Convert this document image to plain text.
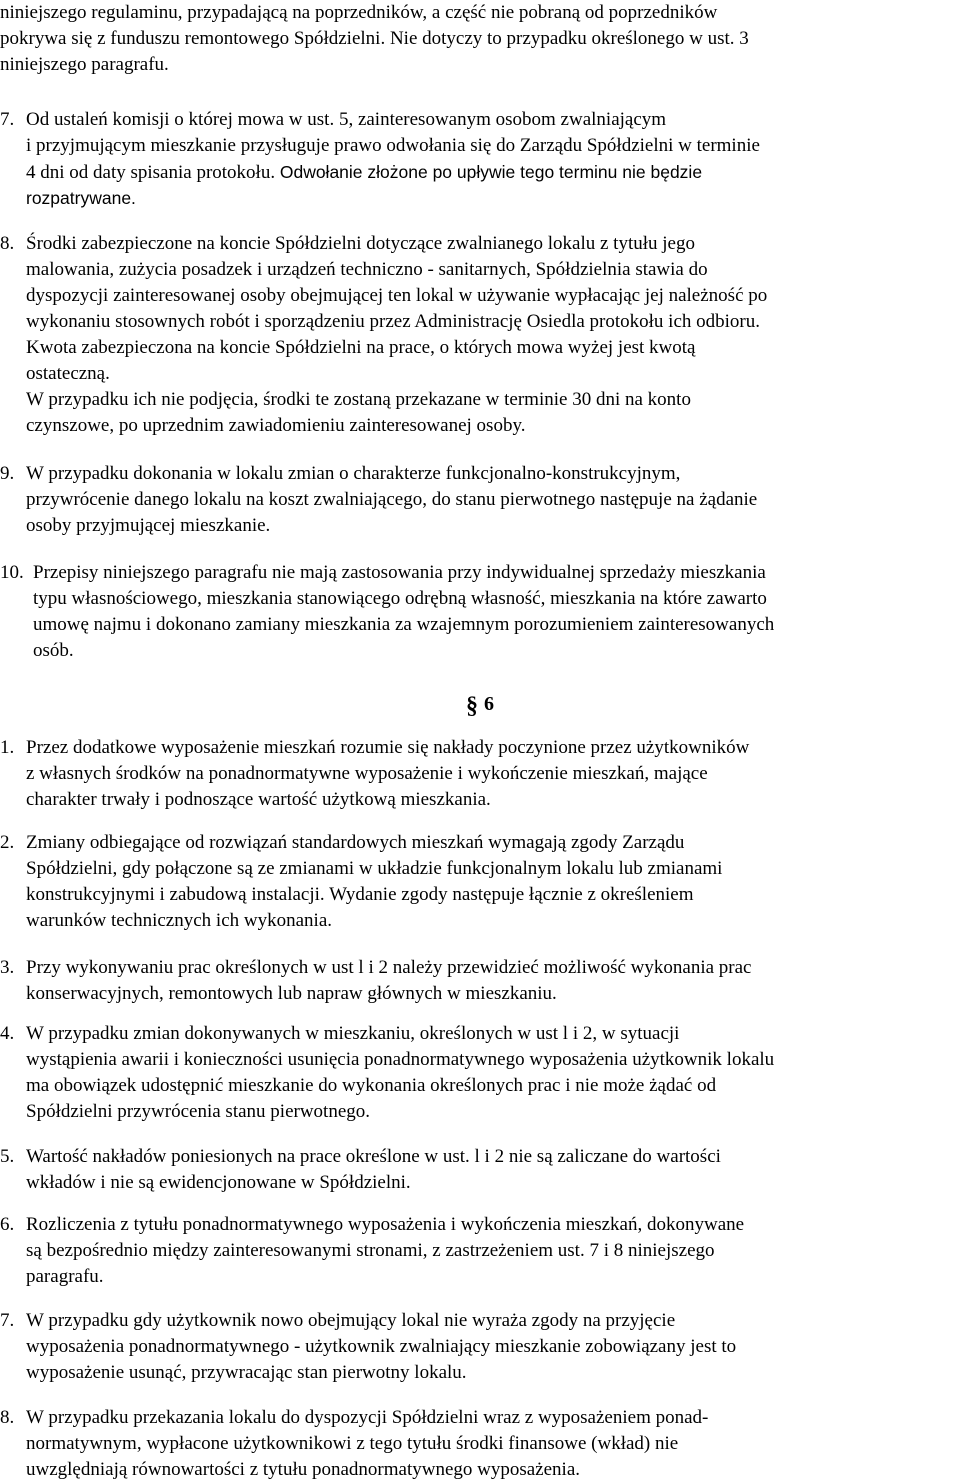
niniejszego regulaminu, przypadającą na poprzedników, a część nie pobraną od poprzedników
pokrywa się z funduszu remontowego Spółdzielni. Nie dotyczy to przypadku określonego w ust. 3
niniejszego paragrafu.
7. Od ustaleń komisji o której mowa w ust. 5, zainteresowanym osobom zwalniającym
i przyjmującym mieszkanie przysługuje prawo odwołania się do Zarządu Spółdzielni w terminie
4 dni od daty spisania protokołu. Odwołanie złożone po upływie tego terminu nie będzie
rozpatrywane.
8. Środki zabezpieczone na koncie Spółdzielni dotyczące zwalnianego lokalu z tytułu jego
malowania, zużycia posadzek i urządzeń techniczno - sanitarnych, Spółdzielnia stawia do
dyspozycji zainteresowanej osoby obejmującej ten lokal w używanie wypłacając jej należność po
wykonaniu stosownych robót i sporządzeniu przez Administrację Osiedla protokołu ich odbioru.
Kwota zabezpieczona na koncie Spółdzielni na prace, o których mowa wyżej jest kwotą
ostateczną.
W przypadku ich nie podjęcia, środki te zostaną przekazane w terminie 30 dni na konto
czynszowe, po uprzednim zawiadomieniu zainteresowanej osoby.
9. W przypadku dokonania w lokalu zmian o charakterze funkcjonalno-konstrukcyjnym,
przywrócenie danego lokalu na koszt zwalniającego, do stanu pierwotnego następuje na żądanie
osoby przyjmującej mieszkanie.
10. Przepisy niniejszego paragrafu nie mają zastosowania przy indywidualnej sprzedaży mieszkania
typu własnościowego, mieszkania stanowiącego odrębną własność, mieszkania na które zawarto
umowę najmu i dokonano zamiany mieszkania za wzajemnym porozumieniem zainteresowanych
osób.
§ 6
1. Przez dodatkowe wyposażenie mieszkań rozumie się nakłady poczynione przez użytkowników
z własnych środków na ponadnormatywne wyposażenie i wykończenie mieszkań, mające
charakter trwały i podnoszące wartość użytkową mieszkania.
2. Zmiany odbiegające od rozwiązań standardowych mieszkań wymagają zgody Zarządu
Spółdzielni, gdy połączone są ze zmianami w układzie funkcjonalnym lokalu lub zmianami
konstrukcyjnymi i zabudową instalacji. Wydanie zgody następuje łącznie z określeniem
warunków technicznych ich wykonania.
3. Przy wykonywaniu prac określonych w ust l i 2 należy przewidzieć możliwość wykonania prac
konserwacyjnych, remontowych lub napraw głównych w mieszkaniu.
4. W przypadku zmian dokonywanych w mieszkaniu, określonych w ust l i 2, w sytuacji
wystąpienia awarii i konieczności usunięcia ponadnormatywnego wyposażenia użytkownik lokalu
ma obowiązek udostępnić mieszkanie do wykonania określonych prac i nie może żądać od
Spółdzielni przywrócenia stanu pierwotnego.
5. Wartość nakładów poniesionych na prace określone w ust. l i 2 nie są zaliczane do wartości
wkładów i nie są ewidencjonowane w Spółdzielni.
6. Rozliczenia z tytułu ponadnormatywnego wyposażenia i wykończenia mieszkań, dokonywane
są bezpośrednio między zainteresowanymi stronami, z zastrzeżeniem ust. 7 i 8 niniejszego
paragrafu.
7. W przypadku gdy użytkownik nowo obejmujący lokal nie wyraża zgody na przyjęcie
wyposażenia ponadnormatywnego - użytkownik zwalniający mieszkanie zobowiązany jest to
wyposażenie usunąć, przywracając stan pierwotny lokalu.
8. W przypadku przekazania lokalu do dyspozycji Spółdzielni wraz z wyposażeniem ponad-
normatywnym, wypłacone użytkownikowi z tego tytułu środki finansowe (wkład) nie
uwzględniają równowartości z tytułu ponadnormatywnego wyposażenia.
